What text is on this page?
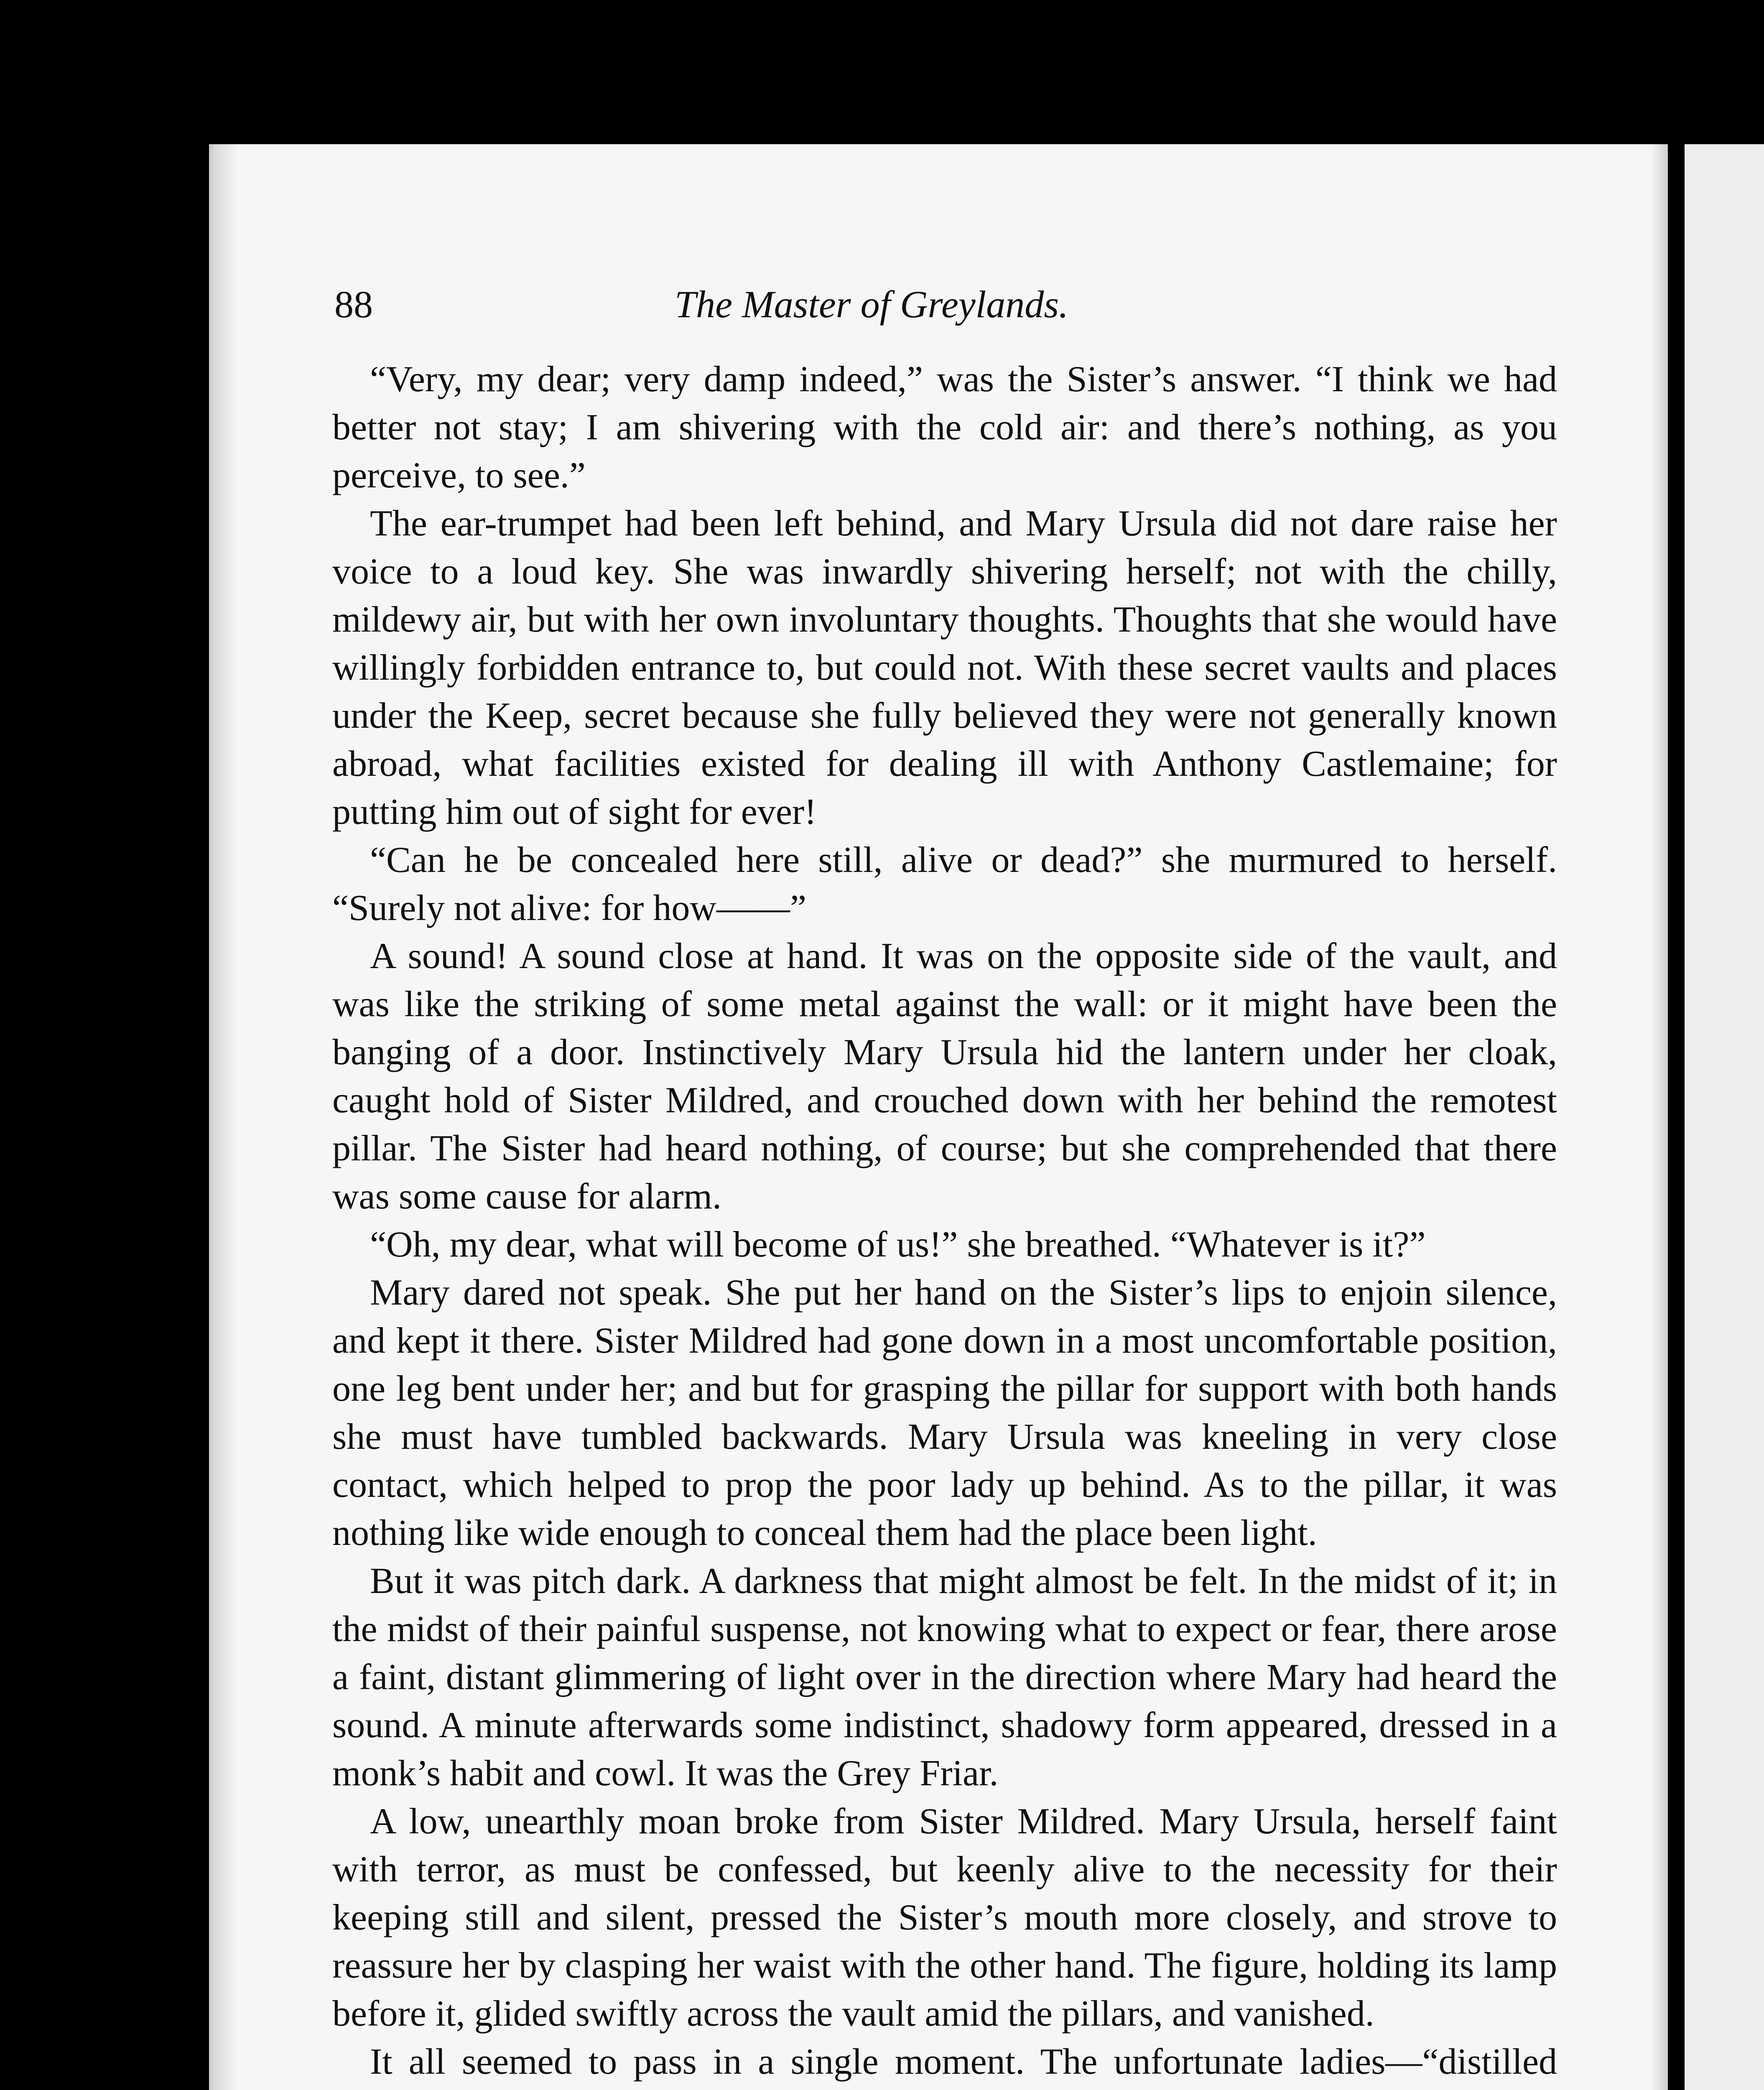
88	The Master of Greylands.

“Very, my dear; very damp indeed,” was the Sister’s answer. “I think we had better not stay; I am shivering with the cold air: and there’s nothing, as you perceive, to see.”

The ear-trumpet had been left behind, and Mary Ursula did not dare raise her voice to a loud key. She was inwardly shivering herself; not with the chilly, mildewy air, but with her own involuntary thoughts. Thoughts that she would have willingly forbidden entrance to, but could not. With these secret vaults and places under the Keep, secret because she fully believed they were not generally known abroad, what facilities existed for dealing ill with Anthony Castlemaine; for putting him out of sight for ever!

“Can he be concealed here still, alive or dead?” she murmured to herself. “Surely not alive: for how——”

A sound! A sound close at hand. It was on the opposite side of the vault, and was like the striking of some metal against the wall: or it might have been the banging of a door. Instinctively Mary Ursula hid the lantern under her cloak, caught hold of Sister Mildred, and crouched down with her behind the remotest pillar. The Sister had heard nothing, of course; but she comprehended that there was some cause for alarm.

“Oh, my dear, what will become of us!” she breathed. “Whatever is it?”

Mary dared not speak. She put her hand on the Sister’s lips to enjoin silence, and kept it there. Sister Mildred had gone down in a most uncomfortable position, one leg bent under her; and but for grasping the pillar for support with both hands she must have tumbled backwards. Mary Ursula was kneeling in very close contact, which helped to prop the poor lady up behind. As to the pillar, it was nothing like wide enough to conceal them had the place been light.

But it was pitch dark. A darkness that might almost be felt. In the midst of it; in the midst of their painful suspense, not knowing what to expect or fear, there arose a faint, distant glimmering of light over in the direction where Mary had heard the sound. A minute afterwards some indistinct, shadowy form appeared, dressed in a monk’s habit and cowl. It was the Grey Friar.

A low, unearthly moan broke from Sister Mildred. Mary Ursula, herself faint with terror, as must be confessed, but keenly alive to the necessity for their keeping still and silent, pressed the Sister’s mouth more closely, and strove to reassure her by clasping her waist with the other hand. The figure, holding its lamp before it, glided swiftly across the vault amid the pillars, and vanished.

It all seemed to pass in a single moment. The unfortunate ladies—“distilled
